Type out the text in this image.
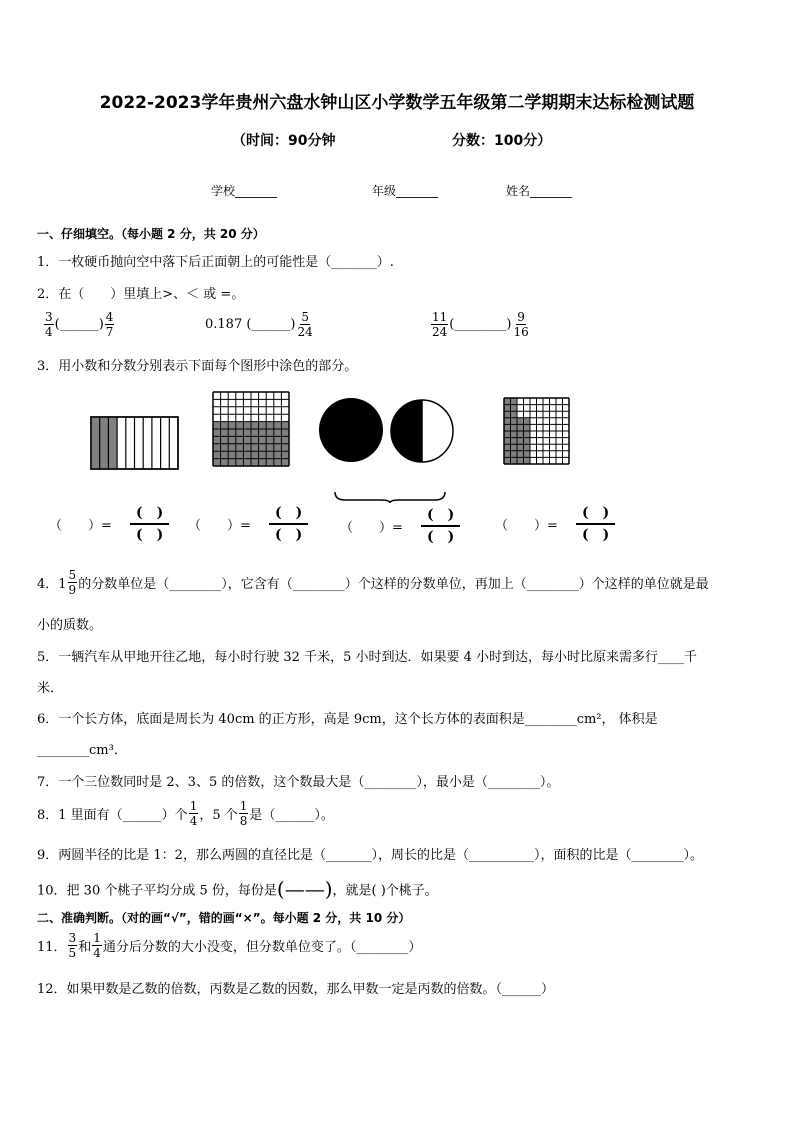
2022-2023学年贵州六盘水钟山区小学数学五年级第二学期期末达标检测试题
（时间：90分钟	分数：100分）
学校_______	年级_______	姓名_______
一、仔细填空。（每小题 2 分，共 20 分）
1．一枚硬币抛向空中落下后正面朝上的可能性是（_______）.
2．在（　　）里填上>、＜ 或 =。
$\frac{3}{4}$ (______) $\frac{4}{7}$	0.187 (______) $\frac{5}{24}$	$\frac{11}{24}$ (________) $\frac{9}{16}$
3．用小数和分数分别表示下面每个图形中涂色的部分。
（　　）=
(　)
(　)
（　　）=
(　)
(　)	（　　）=
(　)
(　)
（　　）=
(　)
(　)
4．$1 \frac{5}{9}$ 的分数单位是（________），它含有（________）个这样的分数单位，再加上（________）个这样的单位就是最
小的质数。
5．一辆汽车从甲地开往乙地，每小时行驶 32 千米，5 小时到达．如果要 4 小时到达，每小时比原来需多行____千
米．
6．一个长方体，底面是周长为 40cm 的正方形，高是 9cm，这个长方体的表面积是________cm²， 体积是
________cm³．
7．一个三位数同时是 2、3、5 的倍数，这个数最大是（________），最小是（________）。
8．1 里面有（______）个 $\frac{1}{4}$ ，5 个 $\frac{1}{8}$ 是（______）。
9．两圆半径的比是 1：2，那么两圆的直径比是（_______），周长的比是（__________），面积的比是（________）。
10．把 30 个桃子平均分成 5 份，每份是(——)，就是( )个桃子。
二、准确判断。（对的画“√”，错的画“×”。每小题 2 分，共 10 分）
11． $\frac{3}{5}$ 和 $\frac{1}{4}$ 通分后分数的大小没变，但分数单位变了。（________）
12．如果甲数是乙数的倍数，丙数是乙数的因数，那么甲数一定是丙数的倍数。（______）
